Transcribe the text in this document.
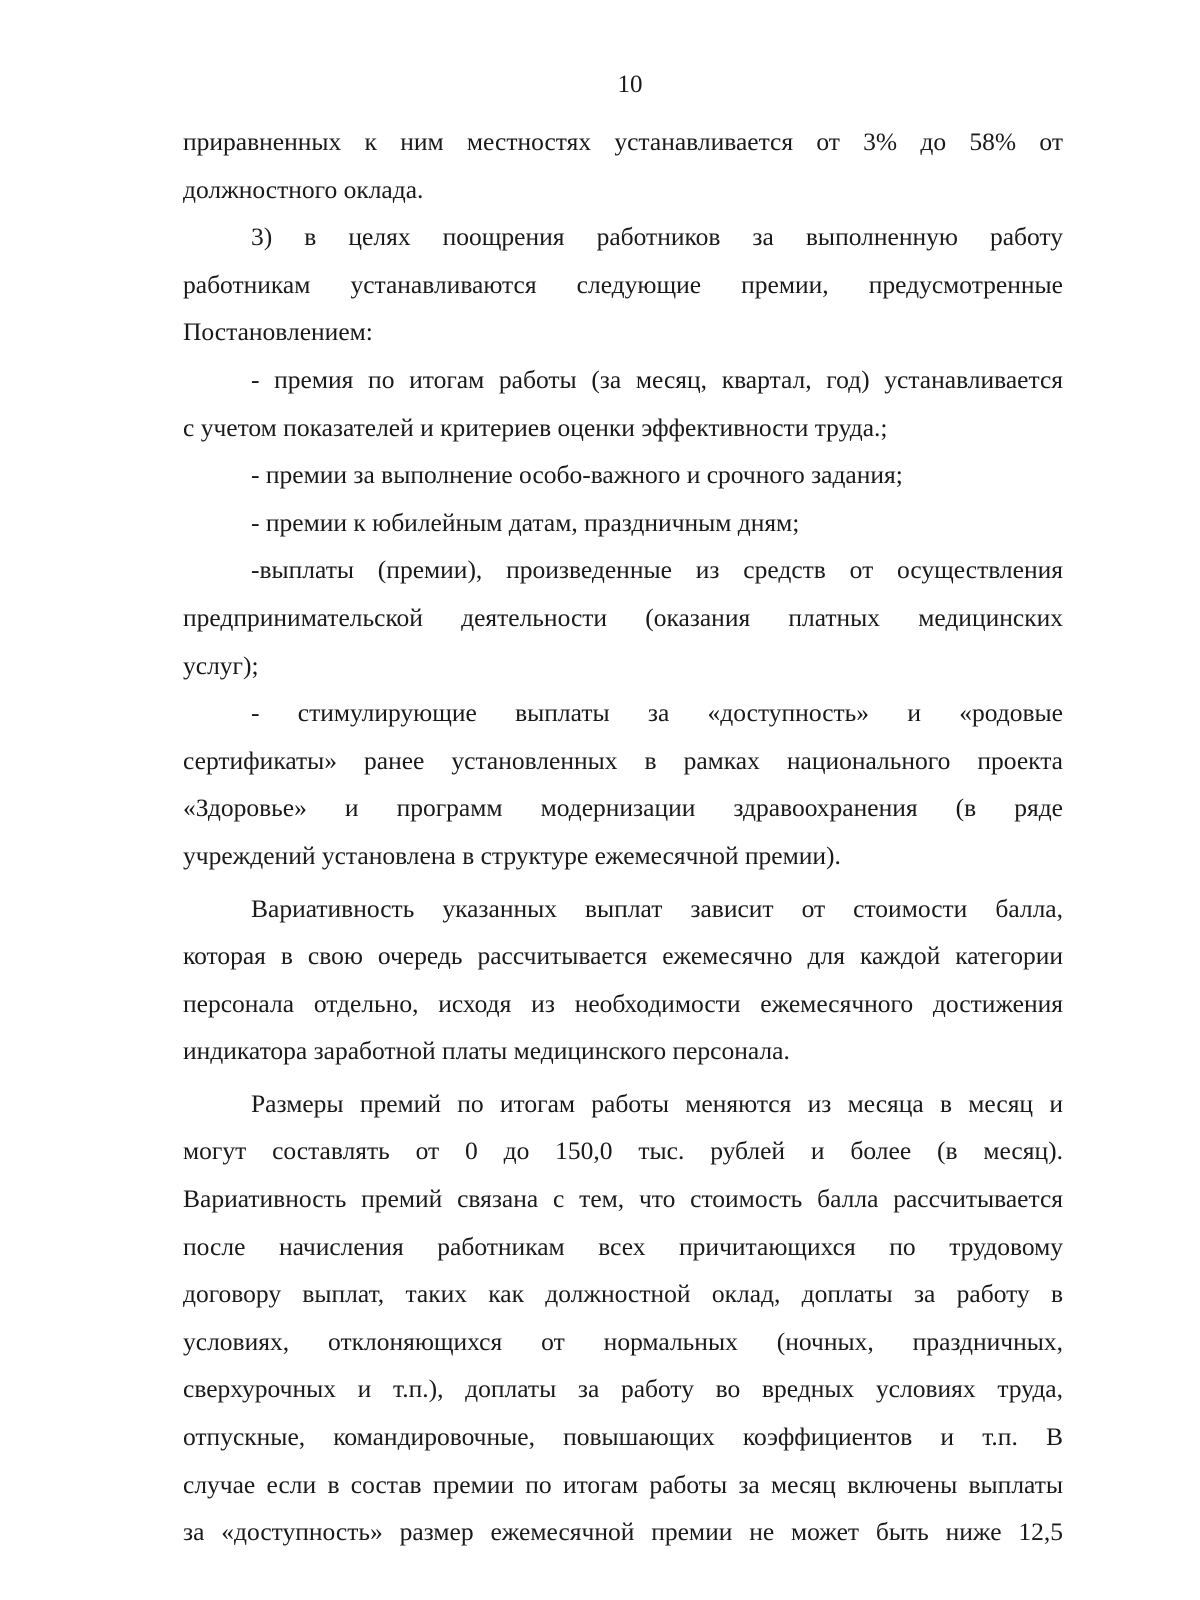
10
приравненных к ним местностях устанавливается от 3% до 58% от
должностного оклада.
3) в целях поощрения работников за выполненную работу
работникам устанавливаются следующие премии, предусмотренные
Постановлением:
- премия по итогам работы (за месяц, квартал, год) устанавливается
с учетом показателей и критериев оценки эффективности труда.;
- премии за выполнение особо-важного и срочного задания;
- премии к юбилейным датам, праздничным дням;
-выплаты (премии), произведенные из средств от осуществления
предпринимательской деятельности (оказания платных медицинских
услуг);
- стимулирующие выплаты за «доступность» и «родовые
сертификаты» ранее установленных в рамках национального проекта
«Здоровье» и программ модернизации здравоохранения (в ряде
учреждений установлена в структуре ежемесячной премии).
Вариативность указанных выплат зависит от стоимости балла,
которая в свою очередь рассчитывается ежемесячно для каждой категории
персонала отдельно, исходя из необходимости ежемесячного достижения
индикатора заработной платы медицинского персонала.
Размеры премий по итогам работы меняются из месяца в месяц и
могут составлять от 0 до 150,0 тыс. рублей и более (в месяц).
Вариативность премий связана с тем, что стоимость балла рассчитывается
после начисления работникам всех причитающихся по трудовому
договору выплат, таких как должностной оклад, доплаты за работу в
условиях, отклоняющихся от нормальных (ночных, праздничных,
сверхурочных и т.п.), доплаты за работу во вредных условиях труда,
отпускные, командировочные, повышающих коэффициентов и т.п. В
случае если в состав премии по итогам работы за месяц включены выплаты
за «доступность» размер ежемесячной премии не может быть ниже 12,5
